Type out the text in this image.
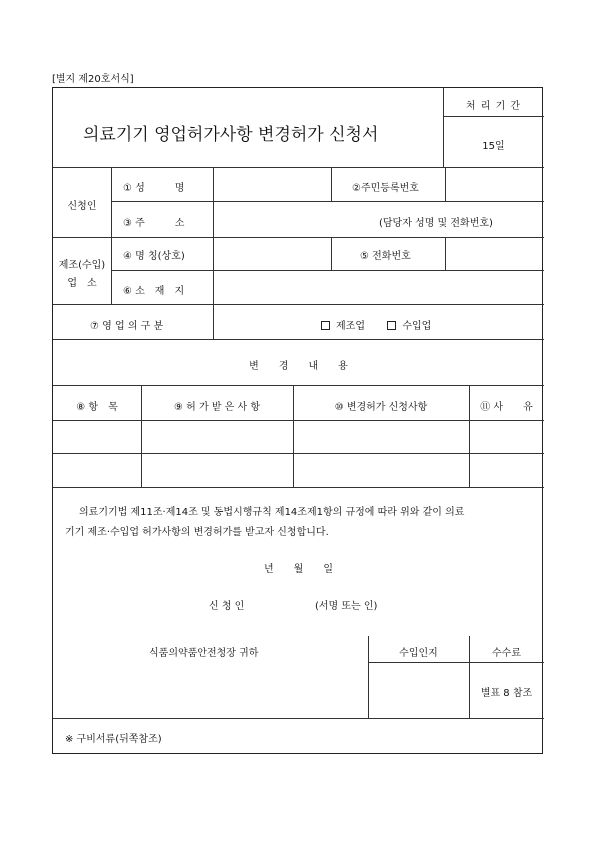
[별지 제20호서식]
의료기기 영업허가사항 변경허가 신청서
처 리 기 간
15일
신청인
① 성　　　명	②주민등록번호
③ 주　　　소	(담당자 성명 및 전화번호)
제조(수입)
업　소
④ 명 칭(상호)	⑤ 전화번호
⑥ 소　재　지
⑦ 영 업 의 구 분	제조업	수입업
변　　경　　내　　용
⑧ 항　목	⑨ 허 가 받 은 사 항	⑩ 변경허가 신청사항	⑪ 사　　유
의료기기법 제11조·제14조 및 동법시행규칙 제14조제1항의 규정에 따라 위와 같이 의료
기기 제조·수입업 허가사항의 변경허가를 받고자 신청합니다.
년　　월　　일
신 청 인	(서명 또는 인)
식품의약품안전청장 귀하	수입인지	수수료
별표 8 참조
※ 구비서류(뒤쪽참조)
